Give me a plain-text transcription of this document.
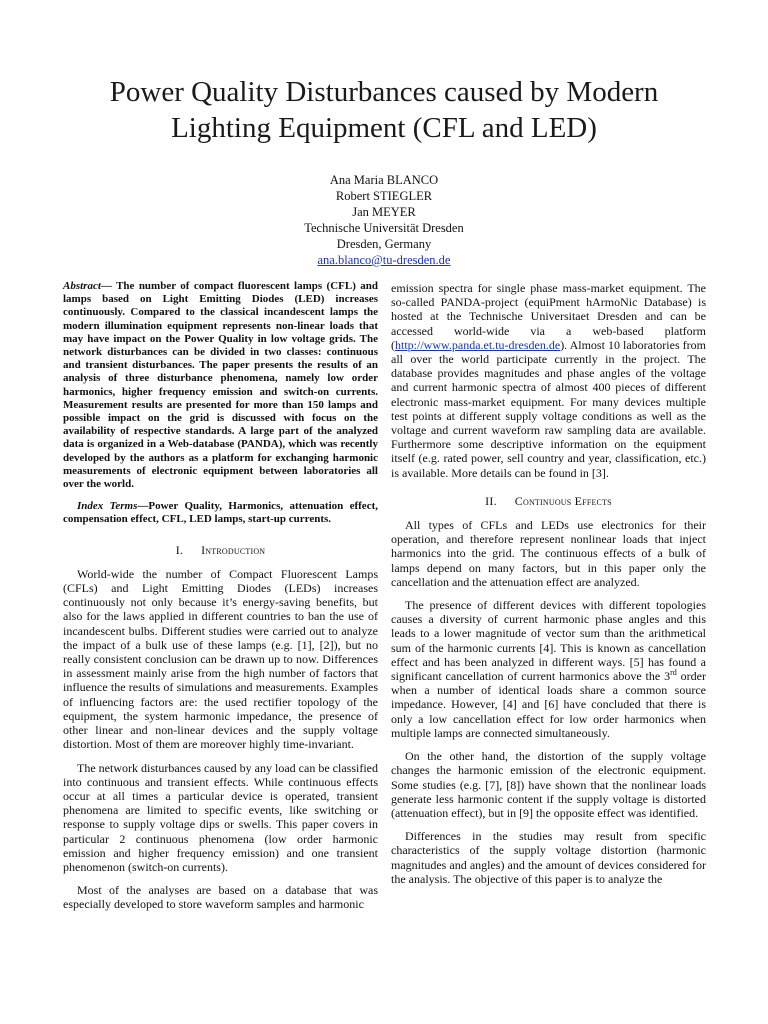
Power Quality Disturbances caused by Modern
Lighting Equipment (CFL and LED)
Ana Maria BLANCO
Robert STIEGLER
Jan MEYER
Technische Universität Dresden
Dresden, Germany
ana.blanco@tu-dresden.de

Abstract— The number of compact fluorescent lamps (CFL) and lamps based on Light Emitting Diodes (LED) increases continuously. Compared to the classical incandescent lamps the modern illumination equipment represents non-linear loads that may have impact on the Power Quality in low voltage grids. The network disturbances can be divided in two classes: continuous and transient disturbances. The paper presents the results of an analysis of three disturbance phenomena, namely low order harmonics, higher frequency emission and switch-on currents. Measurement results are presented for more than 150 lamps and possible impact on the grid is discussed with focus on the availability of respective standards. A large part of the analyzed data is organized in a Web-database (PANDA), which was recently developed by the authors as a platform for exchanging harmonic measurements of electronic equipment between laboratories all over the world.

Index Terms—Power Quality, Harmonics, attenuation effect, compensation effect, CFL, LED lamps, start-up currents.

I. Introduction

World-wide the number of Compact Fluorescent Lamps (CFLs) and Light Emitting Diodes (LEDs) increases continuously not only because it’s energy-saving benefits, but also for the laws applied in different countries to ban the use of incandescent bulbs. Different studies were carried out to analyze the impact of a bulk use of these lamps (e.g. [1], [2]), but no really consistent conclusion can be drawn up to now. Differences in assessment mainly arise from the high number of factors that influence the results of simulations and measurements. Examples of influencing factors are: the used rectifier topology of the equipment, the system harmonic impedance, the presence of other linear and non-linear devices and the supply voltage distortion. Most of them are moreover highly time-invariant.

The network disturbances caused by any load can be classified into continuous and transient effects. While continuous effects occur at all times a particular device is operated, transient phenomena are limited to specific events, like switching or response to supply voltage dips or swells. This paper covers in particular 2 continuous phenomena (low order harmonic emission and higher frequency emission) and one transient phenomenon (switch-on currents).

Most of the analyses are based on a database that was especially developed to store waveform samples and harmonic

emission spectra for single phase mass-market equipment. The so-called PANDA-project (equiPment hArmoNic Database) is hosted at the Technische Universitaet Dresden and can be accessed world-wide via a web-based platform (http://www.panda.et.tu-dresden.de). Almost 10 laboratories from all over the world participate currently in the project. The database provides magnitudes and phase angles of the voltage and current harmonic spectra of almost 400 pieces of different electronic mass-market equipment. For many devices multiple test points at different supply voltage conditions as well as the voltage and current waveform raw sampling data are available. Furthermore some descriptive information on the equipment itself (e.g. rated power, sell country and year, classification, etc.) is available. More details can be found in [3].

II. Continuous Effects

All types of CFLs and LEDs use electronics for their operation, and therefore represent nonlinear loads that inject harmonics into the grid. The continuous effects of a bulk of lamps depend on many factors, but in this paper only the cancellation and the attenuation effect are analyzed.

The presence of different devices with different topologies causes a diversity of current harmonic phase angles and this leads to a lower magnitude of vector sum than the arithmetical sum of the harmonic currents [4]. This is known as cancellation effect and has been analyzed in different ways. [5] has found a significant cancellation of current harmonics above the 3rd order when a number of identical loads share a common source impedance. However, [4] and [6] have concluded that there is only a low cancellation effect for low order harmonics when multiple lamps are connected simultaneously.

On the other hand, the distortion of the supply voltage changes the harmonic emission of the electronic equipment. Some studies (e.g. [7], [8]) have shown that the nonlinear loads generate less harmonic content if the supply voltage is distorted (attenuation effect), but in [9] the opposite effect was identified.

Differences in the studies may result from specific characteristics of the supply voltage distortion (harmonic magnitudes and angles) and the amount of devices considered for the analysis. The objective of this paper is to analyze the
